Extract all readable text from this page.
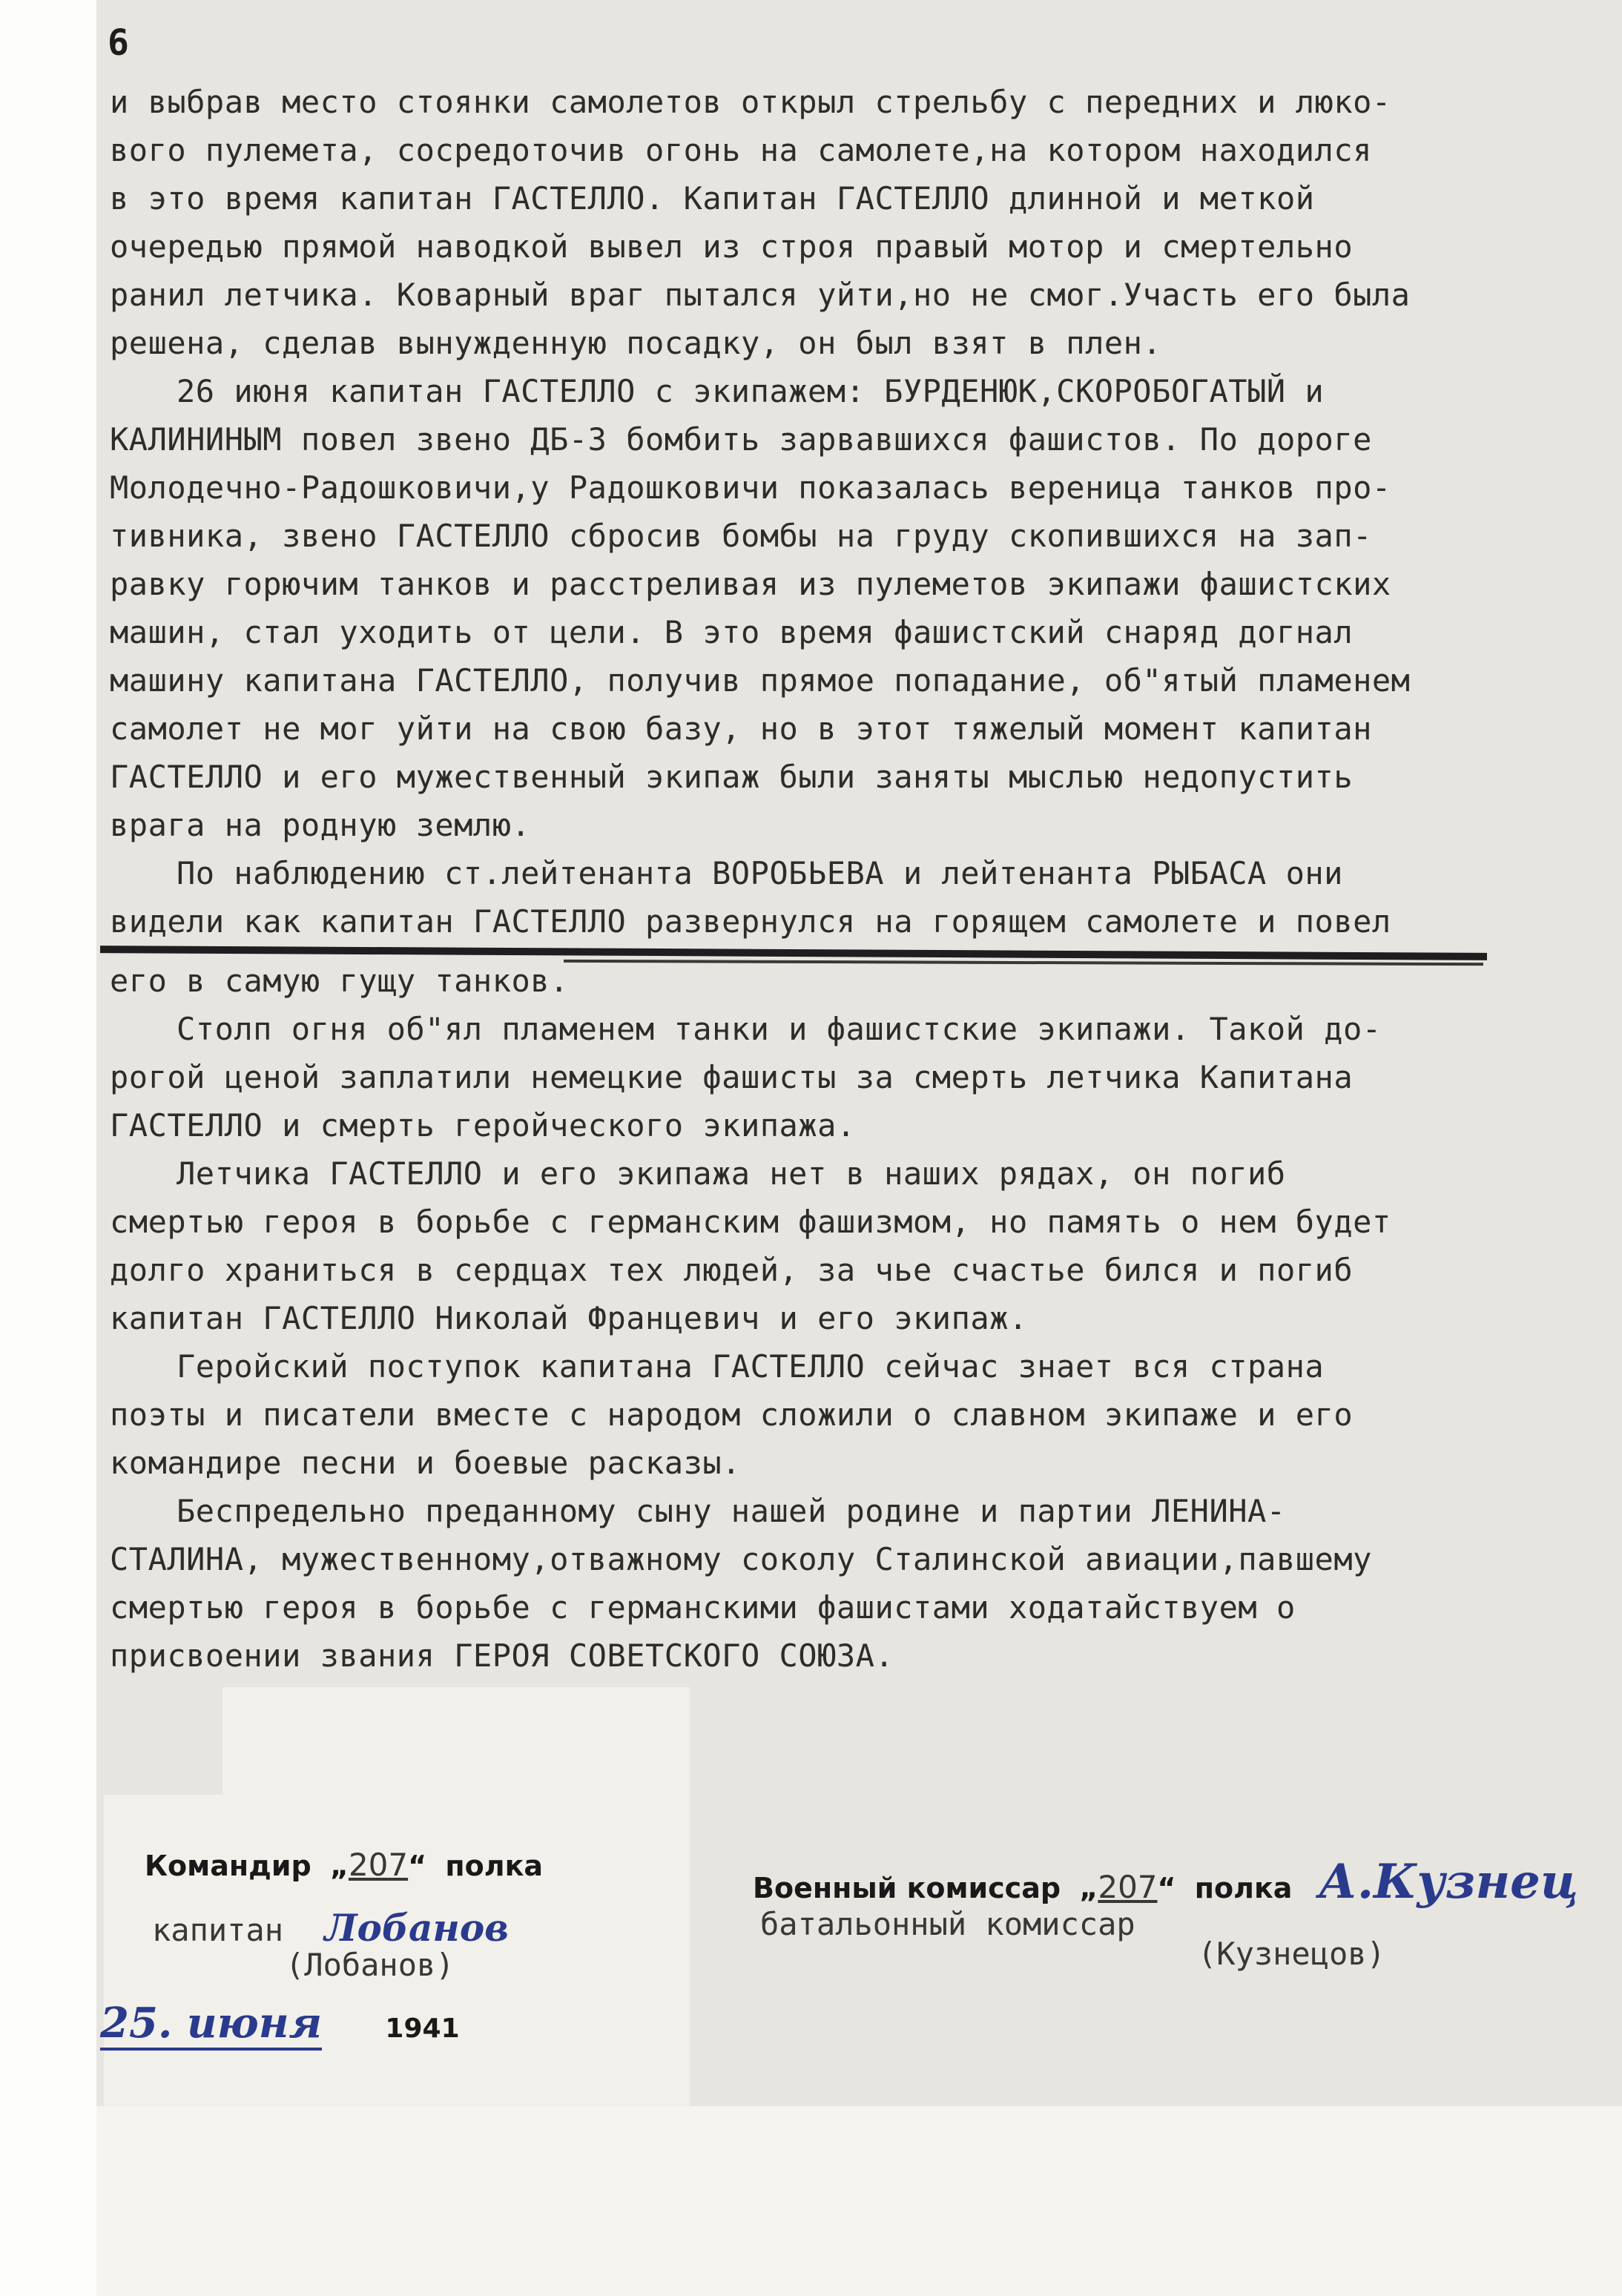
6
и выбрав место стоянки самолетов открыл стрельбу с передних и люко-
вого пулемета, сосредоточив огонь на самолете,на котором находился
в это время капитан ГАСТЕЛЛО. Капитан ГАСТЕЛЛО длинной и меткой
очередью прямой наводкой вывел из строя правый мотор и смертельно
ранил летчика. Коварный враг пытался уйти,но не смог.Участь его была
решена, сделав вынужденную посадку, он был взят в плен.
26 июня капитан ГАСТЕЛЛО с экипажем: БУРДЕНЮК,СКОРОБОГАТЫЙ и
КАЛИНИНЫМ повел звено ДБ-3 бомбить зарвавшихся фашистов. По дороге
Молодечно-Радошковичи,у Радошковичи показалась вереница танков про-
тивника, звено ГАСТЕЛЛО сбросив бомбы на груду скопившихся на зап-
равку горючим танков и расстреливая из пулеметов экипажи фашистских
машин, стал уходить от цели. В это время фашистский снаряд догнал
машину капитана ГАСТЕЛЛО, получив прямое попадание, об"ятый пламенем
самолет не мог уйти на свою базу, но в этот тяжелый момент капитан
ГАСТЕЛЛО и его мужественный экипаж были заняты мыслью недопустить
врага на родную землю.
По наблюдению ст.лейтенанта ВОРОБЬЕВА и лейтенанта РЫБАСА они
видели как капитан ГАСТЕЛЛО развернулся на горящем самолете и повел
его в самую гущу танков.
Столп огня об"ял пламенем танки и фашистские экипажи. Такой до-
рогой ценой заплатили немецкие фашисты за смерть летчика Капитана
ГАСТЕЛЛО и смерть геройческого экипажа.
Летчика ГАСТЕЛЛО и его экипажа нет в наших рядах, он погиб
смертью героя в борьбе с германским фашизмом, но память о нем будет
долго храниться в сердцах тех людей, за чье счастье бился и погиб
капитан ГАСТЕЛЛО Николай Францевич и его экипаж.
Геройский поступок капитана ГАСТЕЛЛО сейчас знает вся страна
поэты и писатели вместе с народом сложили о славном экипаже и его
командире песни и боевые расказы.
Беспредельно преданному сыну нашей родине и партии ЛЕНИНА-
СТАЛИНА, мужественному,отважному соколу Сталинской авиации,павшему
смертью героя в борьбе с германскими фашистами ходатайствуем о
присвоении звания ГЕРОЯ СОВЕТСКОГО СОЮЗА.
Командир „207“ полка
капитан Лобанов
(Лобанов)
25. июня 1941
Военный комиссар „207“ полка А.Кузнец
батальонный комиссар
(Кузнецов)
